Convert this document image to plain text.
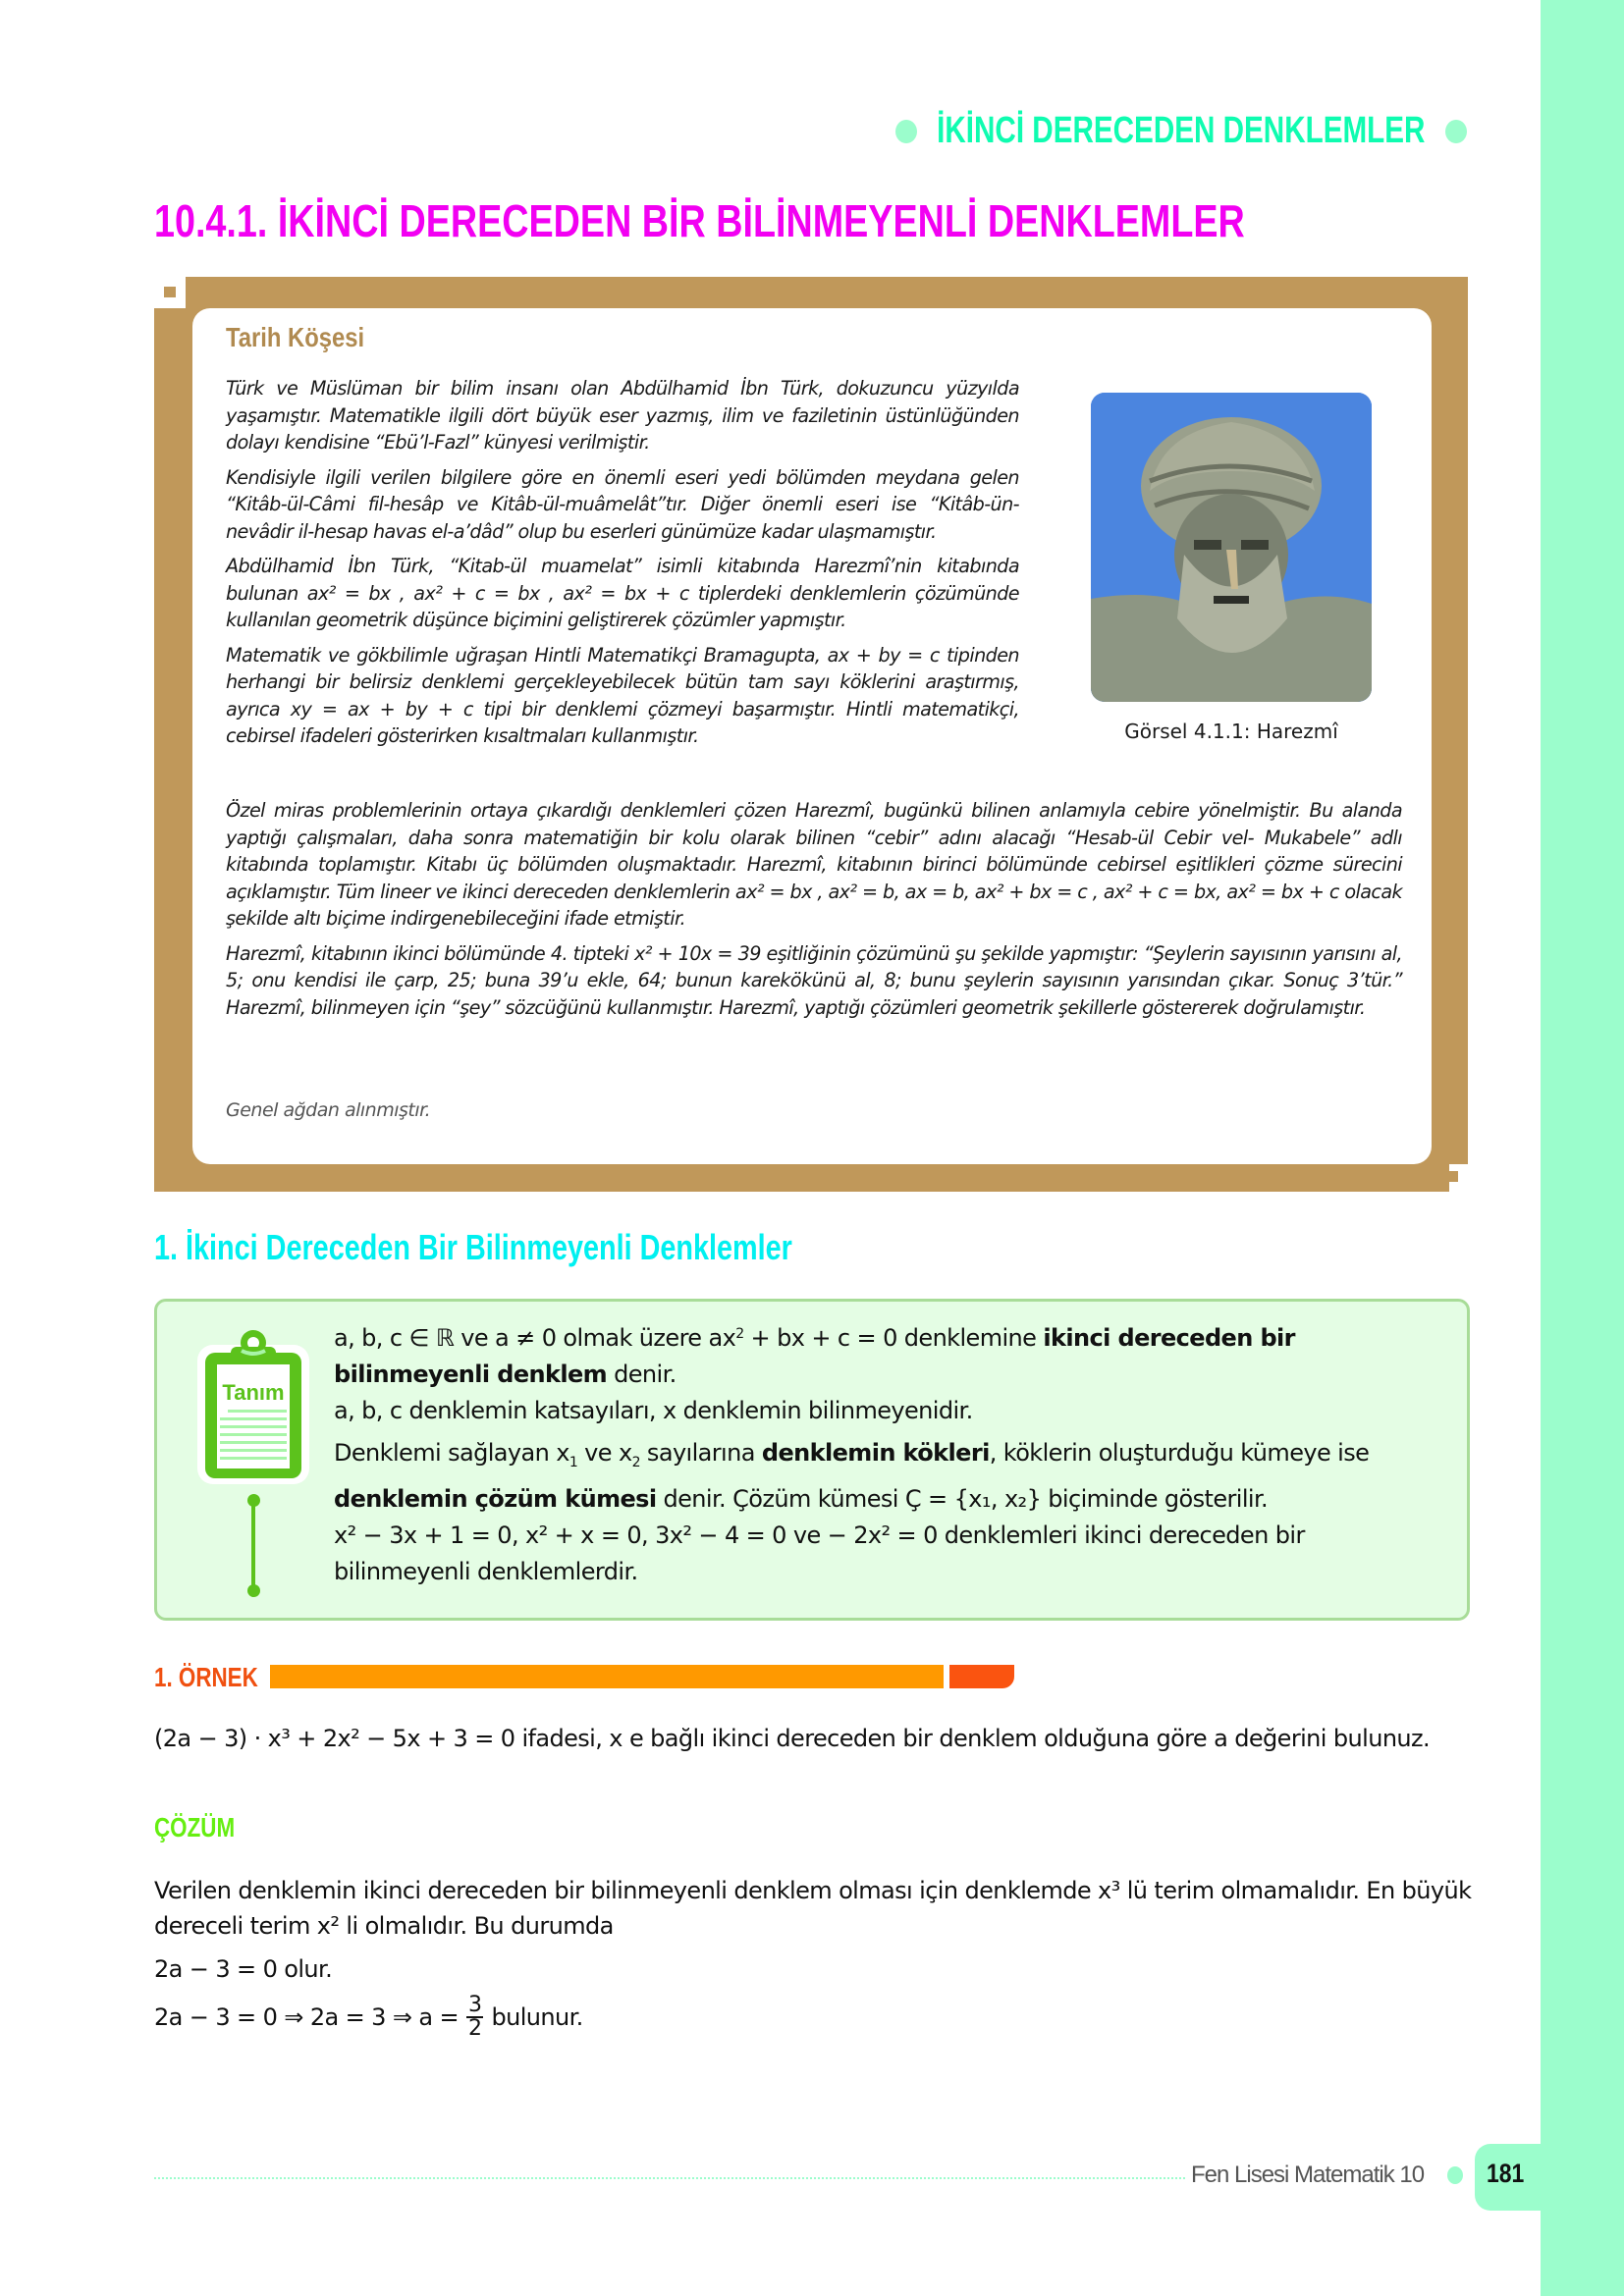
İKİNCİ DERECEDEN DENKLEMLER
10.4.1. İKİNCİ DERECEDEN BİR BİLİNMEYENLİ DENKLEMLER
Tarih Köşesi

Türk ve Müslüman bir bilim insanı olan Abdülhamid İbn Türk, dokuzuncu yüzyılda yaşamıştır. Matematikle ilgili dört büyük eser yazmış, ilim ve faziletinin üstünlüğünden dolayı kendisine “Ebü’l-Fazl” künyesi verilmiştir.

Kendisiyle ilgili verilen bilgilere göre en önemli eseri yedi bölümden meydana gelen “Kitâb-ül-Câmi fil-hesâp ve Kitâb-ül-muâmelât”tır. Diğer önemli eseri ise “Kitâb-ün-nevâdir il-hesap havas el-a’dâd” olup bu eserleri günümüze kadar ulaşmamıştır.

Abdülhamid İbn Türk, “Kitab-ül muamelat” isimli kitabında Harezmî’nin kitabında bulunan ax² = bx , ax² + c = bx , ax² = bx + c tiplerdeki denklemlerin çözümünde kullanılan geometrik düşünce biçimini geliştirerek çözümler yapmıştır.

Matematik ve gökbilimle uğraşan Hintli Matematikçi Bramagupta, ax + by = c tipinden herhangi bir belirsiz denklemi gerçekleyebilecek bütün tam sayı köklerini araştırmış, ayrıca xy = ax + by + c tipi bir denklemi çözmeyi başarmıştır. Hintli matematikçi, cebirsel ifadeleri gösterirken kısaltmaları kullanmıştır.	Görsel 4.1.1: Harezmî

Özel miras problemlerinin ortaya çıkardığı denklemleri çözen Harezmî, bugünkü bilinen anlamıyla cebire yönelmiştir. Bu alanda yaptığı çalışmaları, daha sonra matematiğin bir kolu olarak bilinen “cebir” adını alacağı “Hesab-ül Cebir vel- Mukabele” adlı kitabında toplamıştır. Kitabı üç bölümden oluşmaktadır. Harezmî, kitabının birinci bölümünde cebirsel eşitlikleri çözme sürecini açıklamıştır. Tüm lineer ve ikinci dereceden denklemlerin ax² = bx , ax² = b, ax = b, ax² + bx = c , ax² + c = bx, ax² = bx + c olacak şekilde altı biçime indirgenebileceğini ifade etmiştir.

Harezmî, kitabının ikinci bölümünde 4. tipteki x² + 10x = 39 eşitliğinin çözümünü şu şekilde yapmıştır: “Şeylerin sayısının yarısını al, 5; onu kendisi ile çarp, 25; buna 39’u ekle, 64; bunun karekökünü al, 8; bunu şeylerin sayısının yarısından çıkar. Sonuç 3’tür.” Harezmî, bilinmeyen için “şey” sözcüğünü kullanmıştır. Harezmî, yaptığı çözümleri geometrik şekillerle göstererek doğrulamıştır.

Genel ağdan alınmıştır.
1. İkinci Dereceden Bir Bilinmeyenli Denklemler
Tanım

a, b, c ∈ ℝ ve a ≠ 0 olmak üzere $ax^2$ + bx + c = 0 denklemine ikinci dereceden bir bilinmeyenli denklem denir.

a, b, c denklemin katsayıları, x denklemin bilinmeyenidir.

Denklemi sağlayan $x_1$ ve $x_2$ sayılarına denklemin kökleri, köklerin oluşturduğu kümeye ise denklemin çözüm kümesi denir. Çözüm kümesi Ç = {x₁, x₂} biçiminde gösterilir.

x² − 3x + 1 = 0, x² + x = 0, 3x² − 4 = 0 ve − 2x² = 0 denklemleri ikinci dereceden bir bilinmeyenli denklemlerdir.

1. ÖRNEK
(2a − 3) · x³ + 2x² − 5x + 3 = 0 ifadesi, x e bağlı ikinci dereceden bir denklem olduğuna göre a değerini bulunuz.
ÇÖZÜM
Verilen denklemin ikinci dereceden bir bilinmeyenli denklem olması için denklemde x³ lü terim olmamalıdır. En büyük dereceli terim x² li olmalıdır. Bu durumda
2a − 3 = 0 olur.
2a − 3 = 0 ⇒ 2a = 3 ⇒ $a = \frac{3}{2}$ bulunur.
Fen Lisesi Matematik 10 181
